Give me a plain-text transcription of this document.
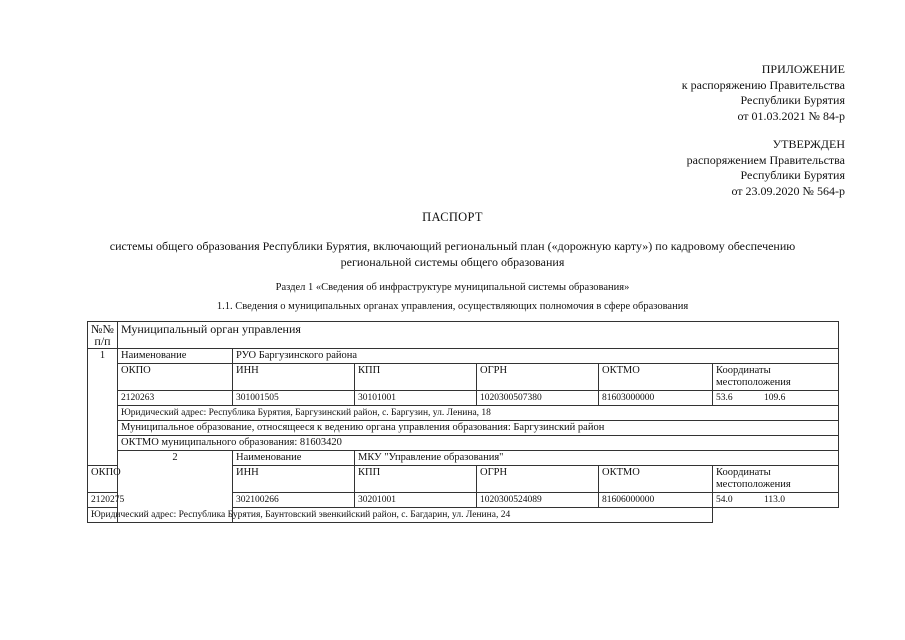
ПРИЛОЖЕНИЕ
к распоряжению Правительства
Республики Бурятия
от 01.03.2021 № 84-р
УТВЕРЖДЕН
распоряжением Правительства
Республики Бурятия
от 23.09.2020 № 564-р
ПАСПОРТ
системы общего образования Республики Бурятия, включающий региональный план («дорожную карту») по кадровому обеспечению
региональной системы общего образования
Раздел 1 «Сведения об инфраструктуре муниципальной системы образования»
1.1. Сведения о муниципальных органах управления, осуществляющих полномочия в сфере образования
№№
п/п	Муниципальный орган управления					
1	Наименование	РУО Баргузинского района				
	ОКПО	ИНН	КПП	ОГРН	ОКТМО	Координаты
местоположения

	2120263	301001505	30101001	1020300507380	81603000000	53.6 109.6
	Юридический адрес: Республика Бурятия, Баргузинский район, с. Баргузин, ул. Ленина, 18					
	Муниципальное образование, относящееся к ведению органа управления образования: Баргузинский район					
	ОКТМО муниципального образования: 81603420					
	2	Наименование	МКУ "Управление образования"			
ОКПО		ИНН	КПП	ОГРН	ОКТМО	Координаты
местоположения

2120275		302100266	30201001	1020300524089	81606000000	54.0 113.0
Юридический адрес: Республика Бурятия, Баунтовский эвенкийский район, с. Багдарин, ул. Ленина, 24						
